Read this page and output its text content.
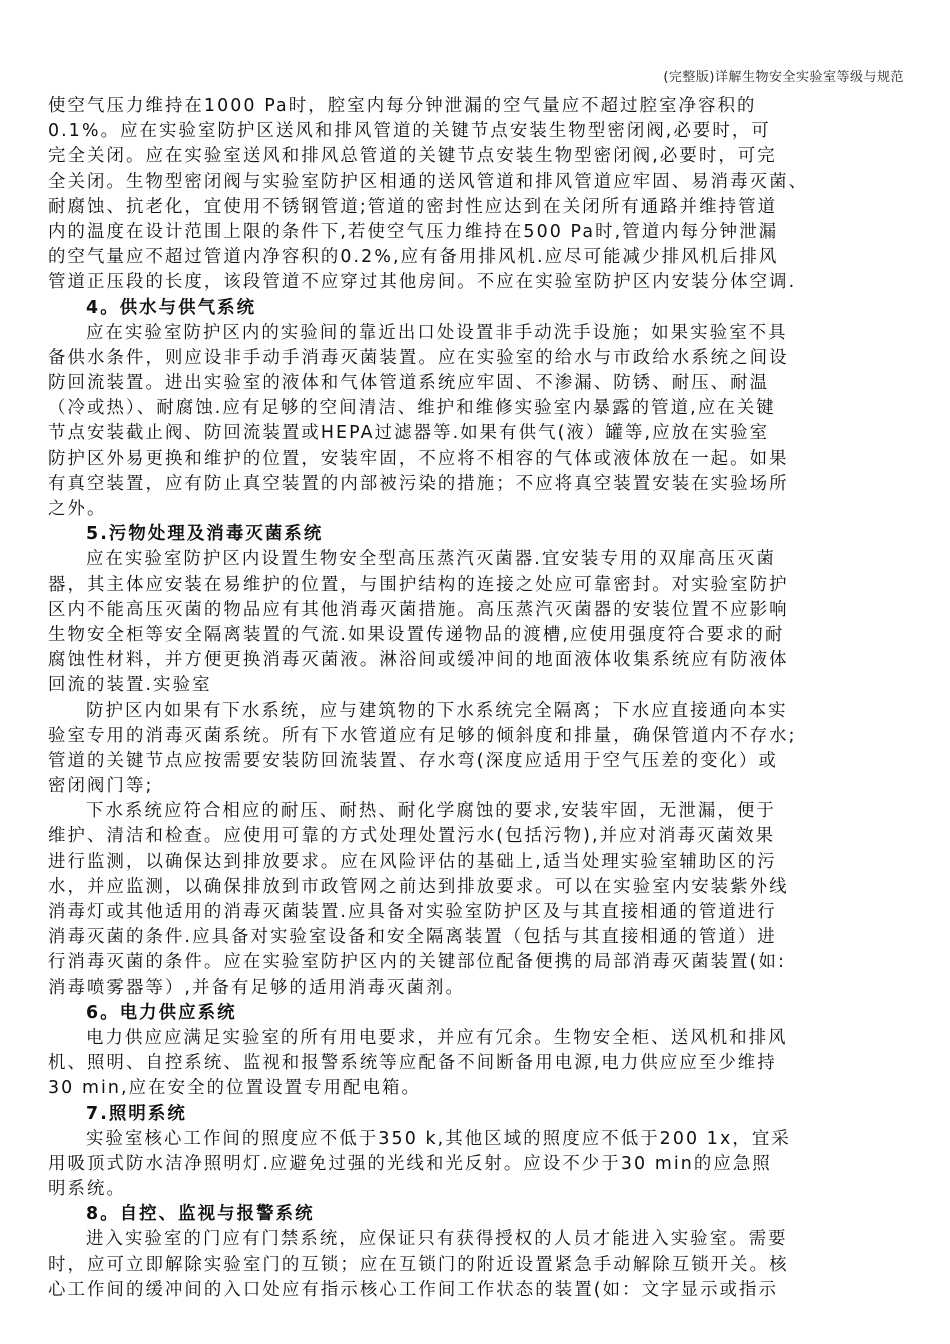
(完整版)详解生物安全实验室等级与规范
使空气压力维持在1000 Pa时，腔室内每分钟泄漏的空气量应不超过腔室净容积的
0.1%。应在实验室防护区送风和排风管道的关键节点安装生物型密闭阀,必要时，可
完全关闭。应在实验室送风和排风总管道的关键节点安装生物型密闭阀,必要时，可完
全关闭。生物型密闭阀与实验室防护区相通的送风管道和排风管道应牢固、易消毒灭菌、
耐腐蚀、抗老化，宜使用不锈钢管道;管道的密封性应达到在关闭所有通路并维持管道
内的温度在设计范围上限的条件下,若使空气压力维持在500 Pa时,管道内每分钟泄漏
的空气量应不超过管道内净容积的0.2%,应有备用排风机.应尽可能减少排风机后排风
管道正压段的长度，该段管道不应穿过其他房间。不应在实验室防护区内安装分体空调.
4。供水与供气系统
应在实验室防护区内的实验间的靠近出口处设置非手动洗手设施；如果实验室不具
备供水条件，则应设非手动手消毒灭菌装置。应在实验室的给水与市政给水系统之间设
防回流装置。进出实验室的液体和气体管道系统应牢固、不渗漏、防锈、耐压、耐温
（冷或热）、耐腐蚀.应有足够的空间清洁、维护和维修实验室内暴露的管道,应在关键
节点安装截止阀、防回流装置或HEPA过滤器等.如果有供气(液）罐等,应放在实验室
防护区外易更换和维护的位置，安装牢固，不应将不相容的气体或液体放在一起。如果
有真空装置，应有防止真空装置的内部被污染的措施；不应将真空装置安装在实验场所
之外。
5.污物处理及消毒灭菌系统
应在实验室防护区内设置生物安全型高压蒸汽灭菌器.宜安装专用的双扉高压灭菌
器，其主体应安装在易维护的位置，与围护结构的连接之处应可靠密封。对实验室防护
区内不能高压灭菌的物品应有其他消毒灭菌措施。高压蒸汽灭菌器的安装位置不应影响
生物安全柜等安全隔离装置的气流.如果设置传递物品的渡槽,应使用强度符合要求的耐
腐蚀性材料，并方便更换消毒灭菌液。淋浴间或缓冲间的地面液体收集系统应有防液体
回流的装置.实验室
防护区内如果有下水系统，应与建筑物的下水系统完全隔离；下水应直接通向本实
验室专用的消毒灭菌系统。所有下水管道应有足够的倾斜度和排量，确保管道内不存水;
管道的关键节点应按需要安装防回流装置、存水弯(深度应适用于空气压差的变化）或
密闭阀门等;
下水系统应符合相应的耐压、耐热、耐化学腐蚀的要求,安装牢固，无泄漏，便于
维护、清洁和检查。应使用可靠的方式处理处置污水(包括污物),并应对消毒灭菌效果
进行监测，以确保达到排放要求。应在风险评估的基础上,适当处理实验室辅助区的污
水，并应监测，以确保排放到市政管网之前达到排放要求。可以在实验室内安装紫外线
消毒灯或其他适用的消毒灭菌装置.应具备对实验室防护区及与其直接相通的管道进行
消毒灭菌的条件.应具备对实验室设备和安全隔离装置（包括与其直接相通的管道）进
行消毒灭菌的条件。应在实验室防护区内的关键部位配备便携的局部消毒灭菌装置(如:
消毒喷雾器等）,并备有足够的适用消毒灭菌剂。
6。电力供应系统
电力供应应满足实验室的所有用电要求，并应有冗余。生物安全柜、送风机和排风
机、照明、自控系统、监视和报警系统等应配备不间断备用电源,电力供应应至少维持
30 min,应在安全的位置设置专用配电箱。
7.照明系统
实验室核心工作间的照度应不低于350 k,其他区域的照度应不低于200 1x，宜采
用吸顶式防水洁净照明灯.应避免过强的光线和光反射。应设不少于30 min的应急照
明系统。
8。自控、监视与报警系统
进入实验室的门应有门禁系统，应保证只有获得授权的人员才能进入实验室。需要
时，应可立即解除实验室门的互锁；应在互锁门的附近设置紧急手动解除互锁开关。核
心工作间的缓冲间的入口处应有指示核心工作间工作状态的装置(如：文字显示或指示
